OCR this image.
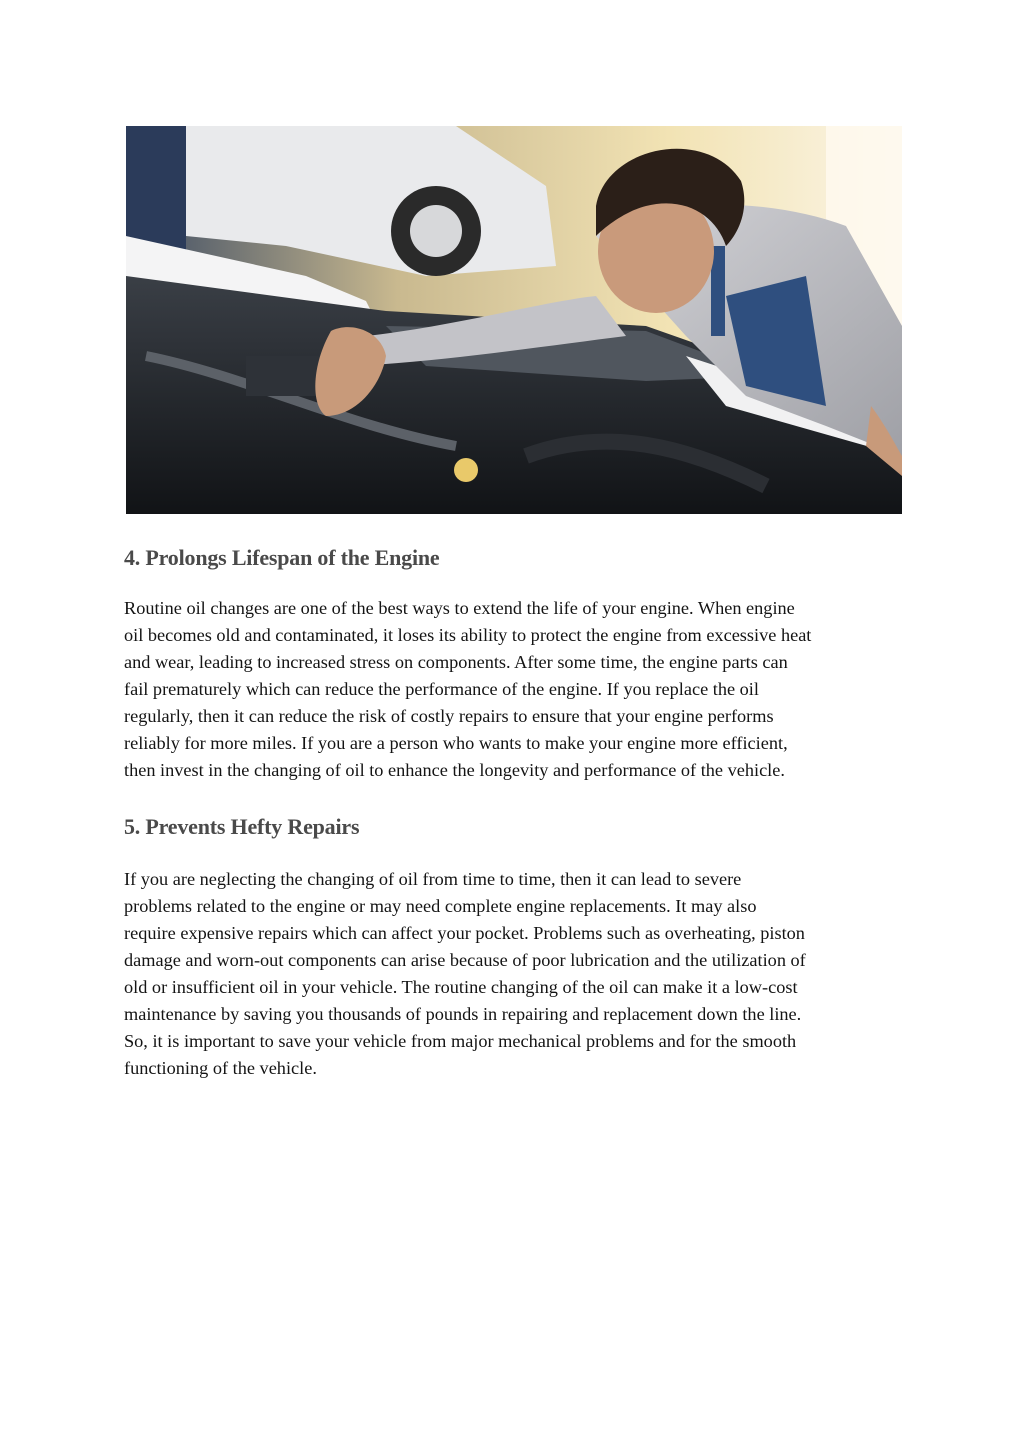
4. Prolongs Lifespan of the Engine

Routine oil changes are one of the best ways to extend the life of your engine. When engine
oil becomes old and contaminated, it loses its ability to protect the engine from excessive heat
and wear, leading to increased stress on components. After some time, the engine parts can
fail prematurely which can reduce the performance of the engine. If you replace the oil
regularly, then it can reduce the risk of costly repairs to ensure that your engine performs
reliably for more miles. If you are a person who wants to make your engine more efficient,
then invest in the changing of oil to enhance the longevity and performance of the vehicle.

5. Prevents Hefty Repairs

If you are neglecting the changing of oil from time to time, then it can lead to severe
problems related to the engine or may need complete engine replacements. It may also
require expensive repairs which can affect your pocket. Problems such as overheating, piston
damage and worn-out components can arise because of poor lubrication and the utilization of
old or insufficient oil in your vehicle. The routine changing of the oil can make it a low-cost
maintenance by saving you thousands of pounds in repairing and replacement down the line.
So, it is important to save your vehicle from major mechanical problems and for the smooth
functioning of the vehicle.
